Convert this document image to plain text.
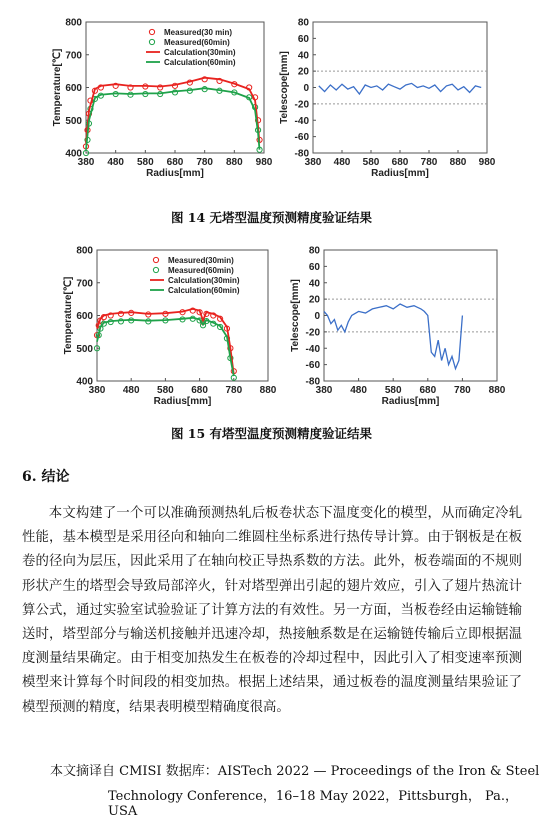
380 480 580 680 780 880 980
400
500
600
700
800
Radius[mm]
Temperature[℃]
Measured(30 min)
Measured(60min)
Calculation(30min)
Calculation(60min)
380 480 580 680 780 880 980
-80
-60
-40
-20
0
20
40
60
80
Radius[mm]
Telescope[mm]
图 14 无塔型温度预测精度验证结果
380 480 580 680 780 880
400
500
600
700
800
Radius[mm]
Temperature[℃]
Measured(30min)
Measured(60min)
Calculation(30min)
Calculation(60min)
380 480 580 680 780 880
-80
-60
-40
-20
0
20
40
60
80
Radius[mm]
Telescope[mm]
图 15 有塔型温度预测精度验证结果
6. 结论
本文构建了一个可以准确预测热轧后板卷状态下温度变化的模型，从而确定冷轧性能，基本模型是采用径向和轴向二维圆柱坐标系进行热传导计算。由于钢板是在板卷的径向为层压，因此采用了在轴向校正导热系数的方法。此外，板卷端面的不规则形状产生的塔型会导致局部淬火，针对塔型弹出引起的翅片效应，引入了翅片热流计算公式，通过实验室试验验证了计算方法的有效性。另一方面，当板卷经由运输链输送时，塔型部分与输送机接触并迅速冷却，热接触系数是在运输链传输后立即根据温度测量结果确定。由于相变加热发生在板卷的冷却过程中，因此引入了相变速率预测模型来计算每个时间段的相变加热。根据上述结果，通过板卷的温度测量结果验证了模型预测的精度，结果表明模型精确度很高。
本文摘译自 CMISI 数据库：AISTech 2022 — Proceedings of the Iron & Steel
Technology Conference，16–18 May 2022，Pittsburgh， Pa.， USA
